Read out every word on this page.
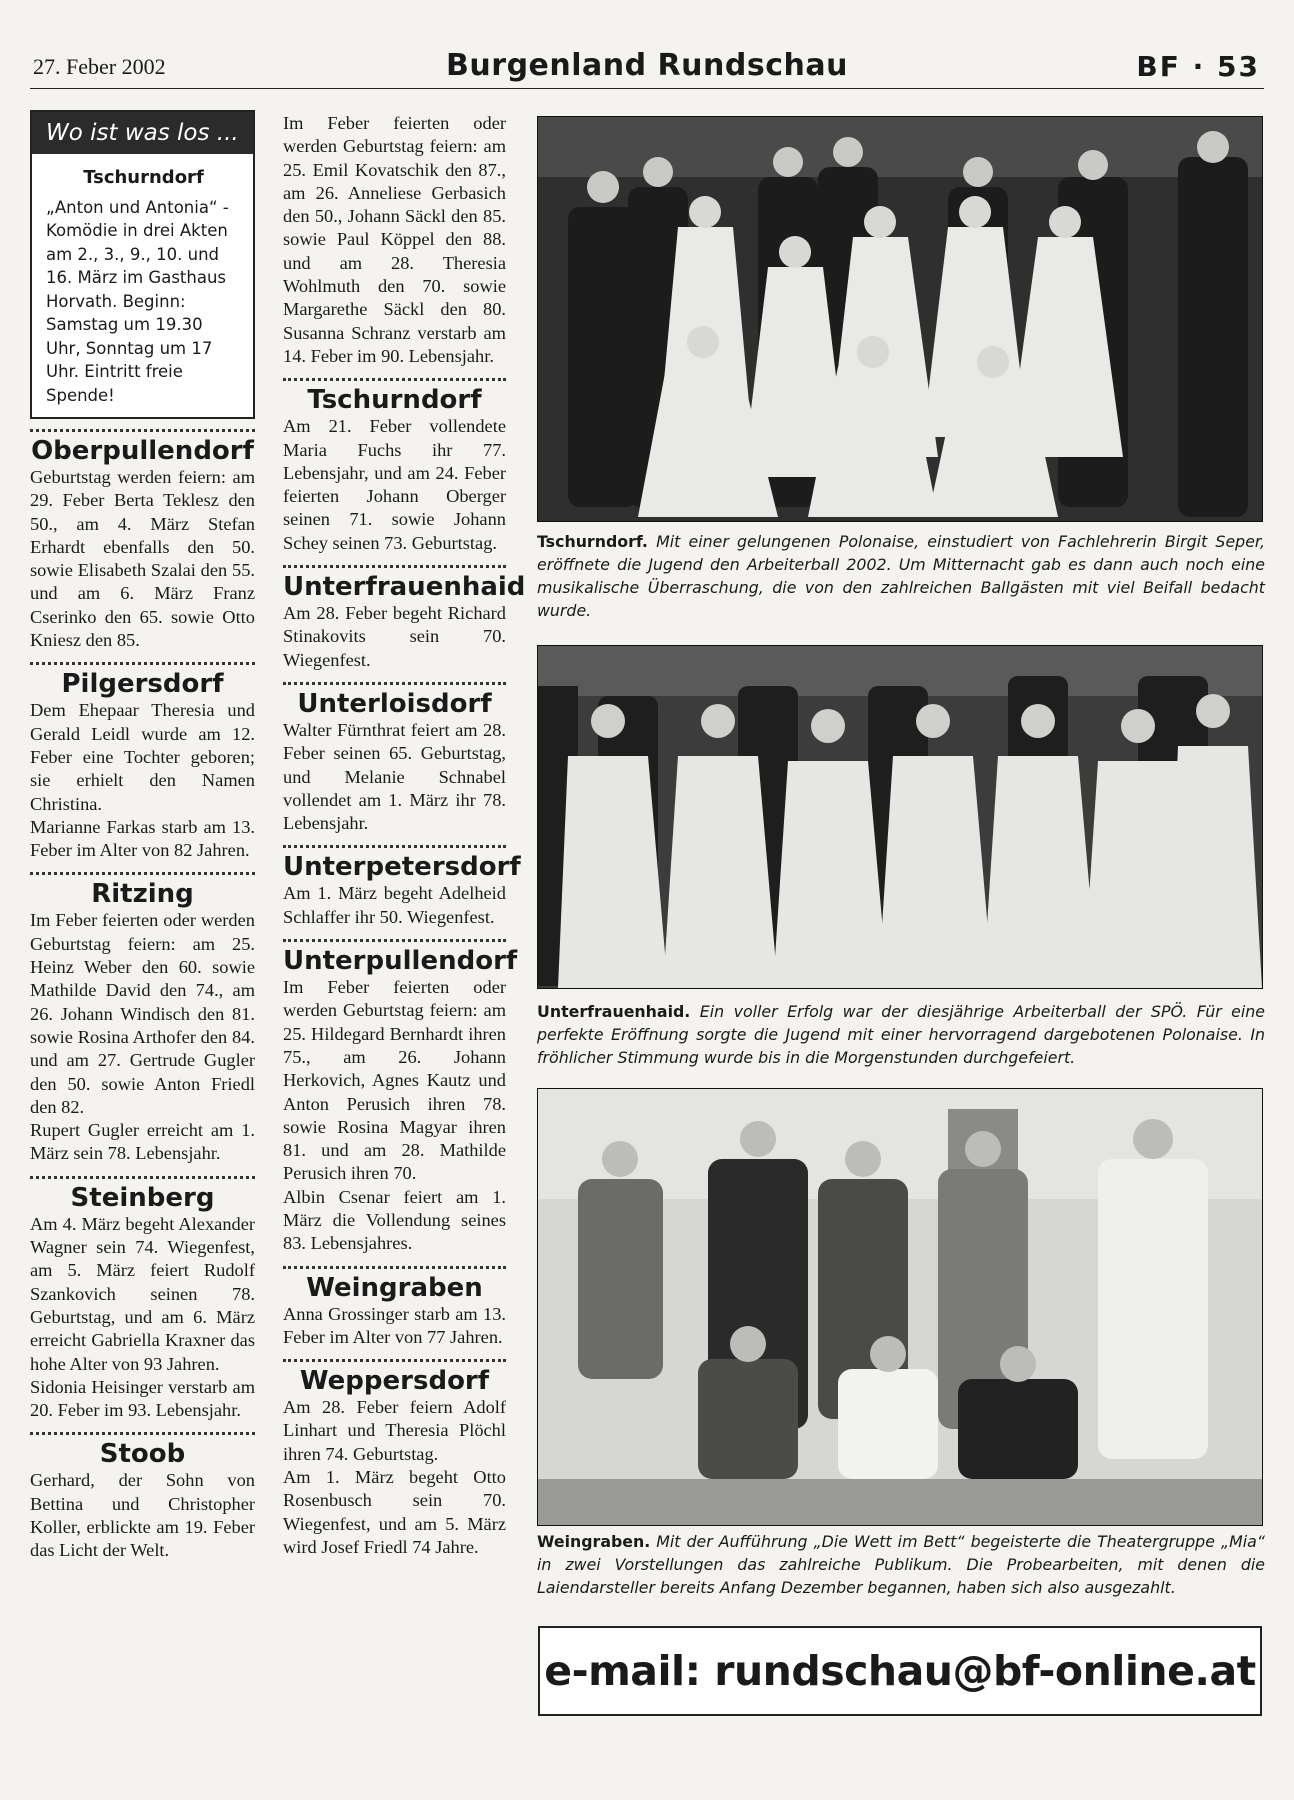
27. Feber 2002	Burgenland Rundschau	BF · 53
Wo ist was los ...
Tschurndorf
„Anton und Antonia“ - Komödie in drei Akten am 2., 3., 9., 10. und 16. März im Gasthaus Horvath. Beginn: Samstag um 19.30 Uhr, Sonntag um 17 Uhr. Eintritt freie Spende!
Oberpullendorf

Geburtstag werden feiern: am 29. Feber Berta Teklesz den 50., am 4. März Stefan Erhardt ebenfalls den 50. sowie Elisabeth Szalai den 55. und am 6. März Franz Cserinko den 65. sowie Otto Kniesz den 85.

Pilgersdorf

Dem Ehepaar Theresia und Gerald Leidl wurde am 12. Feber eine Tochter geboren; sie erhielt den Namen Christina.

Marianne Farkas starb am 13. Feber im Alter von 82 Jahren.

Ritzing

Im Feber feierten oder werden Geburtstag feiern: am 25. Heinz Weber den 60. sowie Mathilde David den 74., am 26. Johann Windisch den 81. sowie Rosina Arthofer den 84. und am 27. Gertrude Gugler den 50. sowie Anton Friedl den 82.

Rupert Gugler erreicht am 1. März sein 78. Lebensjahr.

Steinberg

Am 4. März begeht Alexander Wagner sein 74. Wiegenfest, am 5. März feiert Rudolf Szankovich seinen 78. Geburtstag, und am 6. März erreicht Gabriella Kraxner das hohe Alter von 93 Jahren.

Sidonia Heisinger verstarb am 20. Feber im 93. Lebensjahr.

Stoob

Gerhard, der Sohn von Bettina und Christopher Koller, erblickte am 19. Feber das Licht der Welt.

Im Feber feierten oder werden Geburtstag feiern: am 25. Emil Kovatschik den 87., am 26. Anneliese Gerbasich den 50., Johann Säckl den 85. sowie Paul Köppel den 88. und am 28. Theresia Wohlmuth den 70. sowie Margarethe Säckl den 80. Susanna Schranz verstarb am 14. Feber im 90. Lebensjahr.

Tschurndorf

Am 21. Feber vollendete Maria Fuchs ihr 77. Lebensjahr, und am 24. Feber feierten Johann Oberger seinen 71. sowie Johann Schey seinen 73. Geburtstag.

Unterfrauenhaid

Am 28. Feber begeht Richard Stinakovits sein 70. Wiegenfest.

Unterloisdorf

Walter Fürnthrat feiert am 28. Feber seinen 65. Geburtstag, und Melanie Schnabel vollendet am 1. März ihr 78. Lebensjahr.

Unterpetersdorf

Am 1. März begeht Adelheid Schlaffer ihr 50. Wiegenfest.

Unterpullendorf

Im Feber feierten oder werden Geburtstag feiern: am 25. Hildegard Bernhardt ihren 75., am 26. Johann Herkovich, Agnes Kautz und Anton Perusich ihren 78. sowie Rosina Magyar ihren 81. und am 28. Mathilde Perusich ihren 70.

Albin Csenar feiert am 1. März die Vollendung seines 83. Lebensjahres.

Weingraben

Anna Grossinger starb am 13. Feber im Alter von 77 Jahren.

Weppersdorf

Am 28. Feber feiern Adolf Linhart und Theresia Plöchl ihren 74. Geburtstag.

Am 1. März begeht Otto Rosenbusch sein 70. Wiegenfest, und am 5. März wird Josef Friedl 74 Jahre.

Tschurndorf. Mit einer gelungenen Polonaise, einstudiert von Fachlehrerin Birgit Seper, eröffnete die Jugend den Arbeiterball 2002. Um Mitternacht gab es dann auch noch eine musikalische Überraschung, die von den zahlreichen Ballgästen mit viel Beifall bedacht wurde.
Unterfrauenhaid. Ein voller Erfolg war der diesjährige Arbeiterball der SPÖ. Für eine perfekte Eröffnung sorgte die Jugend mit einer hervorragend dargebotenen Polonaise. In fröhlicher Stimmung wurde bis in die Morgenstunden durchgefeiert.
Weingraben. Mit der Aufführung „Die Wett im Bett“ begeisterte die Theatergruppe „Mia“ in zwei Vorstellungen das zahlreiche Publikum. Die Probearbeiten, mit denen die Laiendarsteller bereits Anfang Dezember begannen, haben sich also ausgezahlt.
e-mail: rundschau@bf-online.at
